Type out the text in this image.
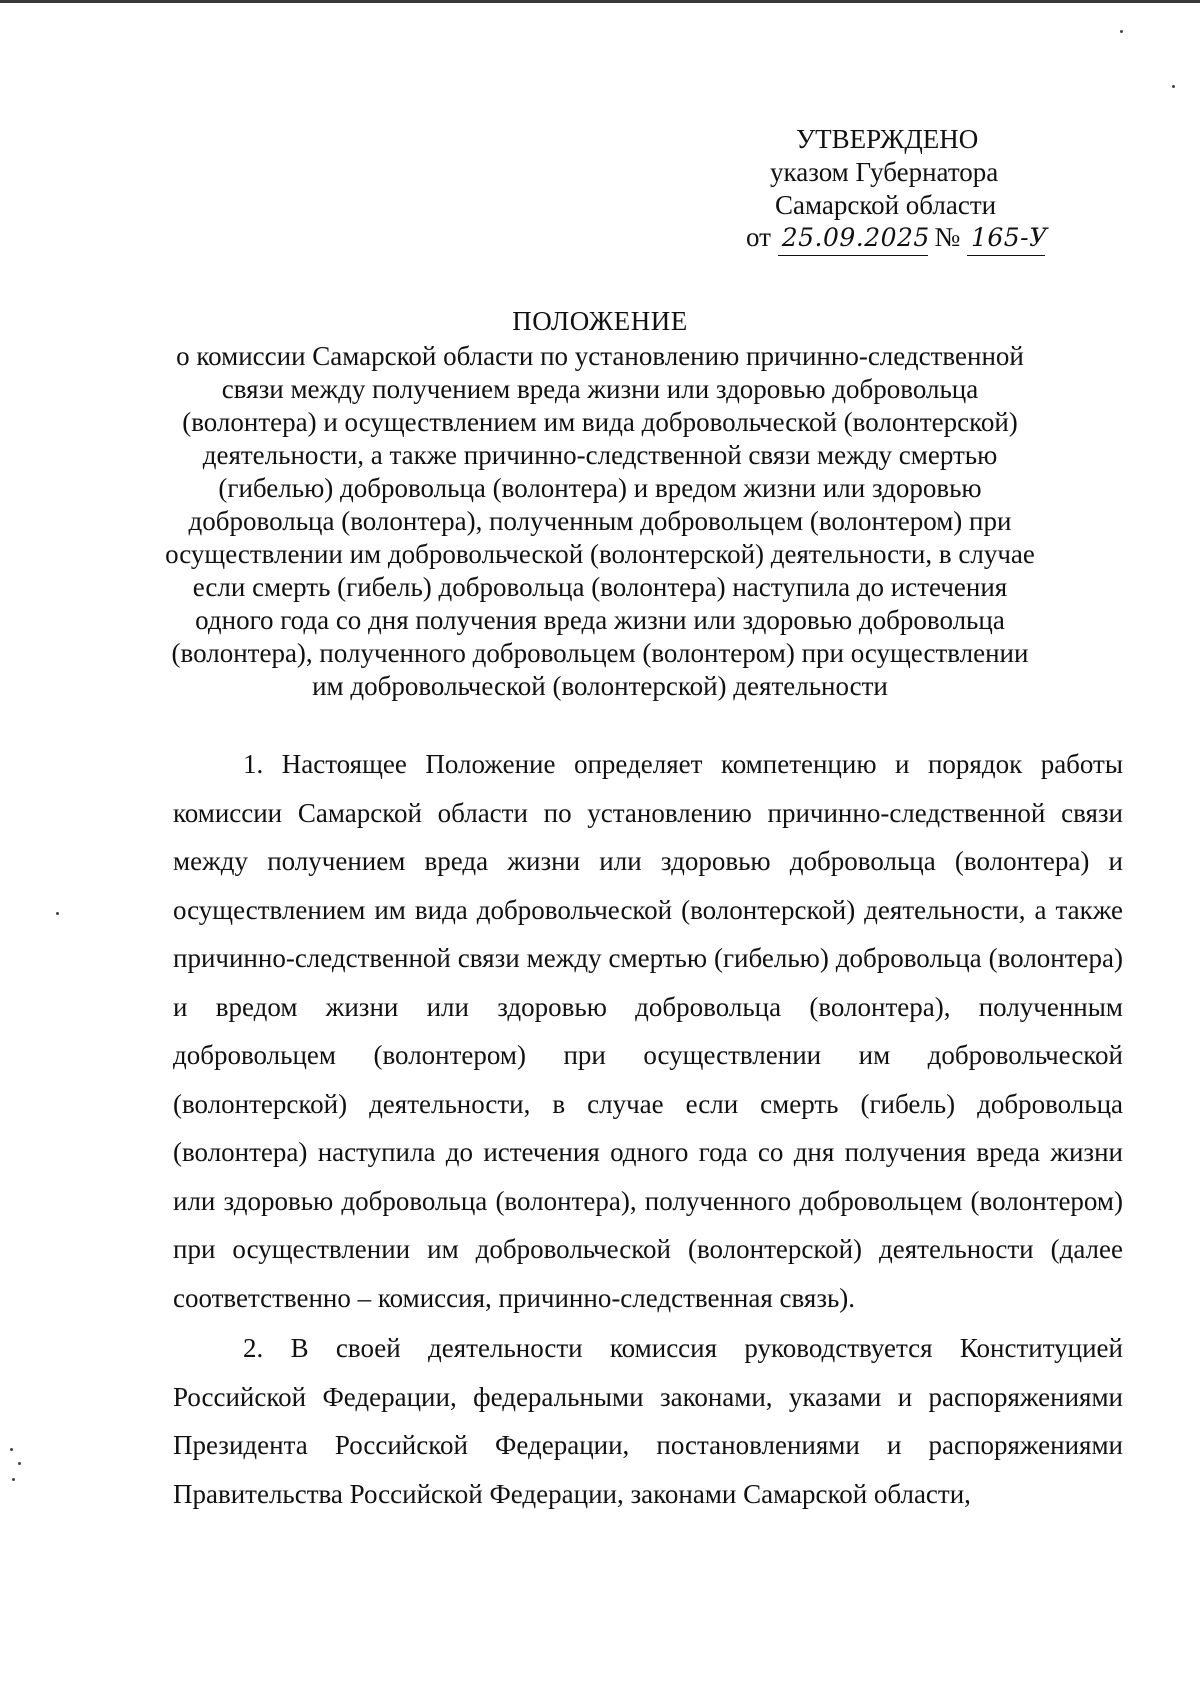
УТВЕРЖДЕНО
указом Губернатора
Самарской области
от 25.09.2025 № 165-У
ПОЛОЖЕНИЕ

о комиссии Самарской области по установлению причинно-следственной связи между получением вреда жизни или здоровью добровольца (волонтера) и осуществлением им вида добровольческой (волонтерской) деятельности, а также причинно-следственной связи между смертью (гибелью) добровольца (волонтера) и вредом жизни или здоровью добровольца (волонтера), полученным добровольцем (волонтером) при осуществлении им добровольческой (волонтерской) деятельности, в случае если смерть (гибель) добровольца (волонтера) наступила до истечения одного года со дня получения вреда жизни или здоровью добровольца (волонтера), полученного добровольцем (волонтером) при осуществлении им добровольческой (волонтерской) деятельности

1. Настоящее Положение определяет компетенцию и порядок работы комиссии Самарской области по установлению причинно-следственной связи между получением вреда жизни или здоровью добровольца (волонтера) и осуществлением им вида добровольческой (волонтерской) деятельности, а также причинно-следственной связи между смертью (гибелью) добровольца (волонтера) и вредом жизни или здоровью добровольца (волонтера), полученным добровольцем (волонтером) при осуществлении им добровольческой (волонтерской) деятельности, в случае если смерть (гибель) добровольца (волонтера) наступила до истечения одного года со дня получения вреда жизни или здоровью добровольца (волонтера), полученного добровольцем (волонтером) при осуществлении им добровольческой (волонтерской) деятельности (далее соответственно – комиссия, причинно-следственная связь).

2. В своей деятельности комиссия руководствуется Конституцией Российской Федерации, федеральными законами, указами и распоряжениями Президента Российской Федерации, постановлениями и распоряжениями Правительства Российской Федерации, законами Самарской области,
